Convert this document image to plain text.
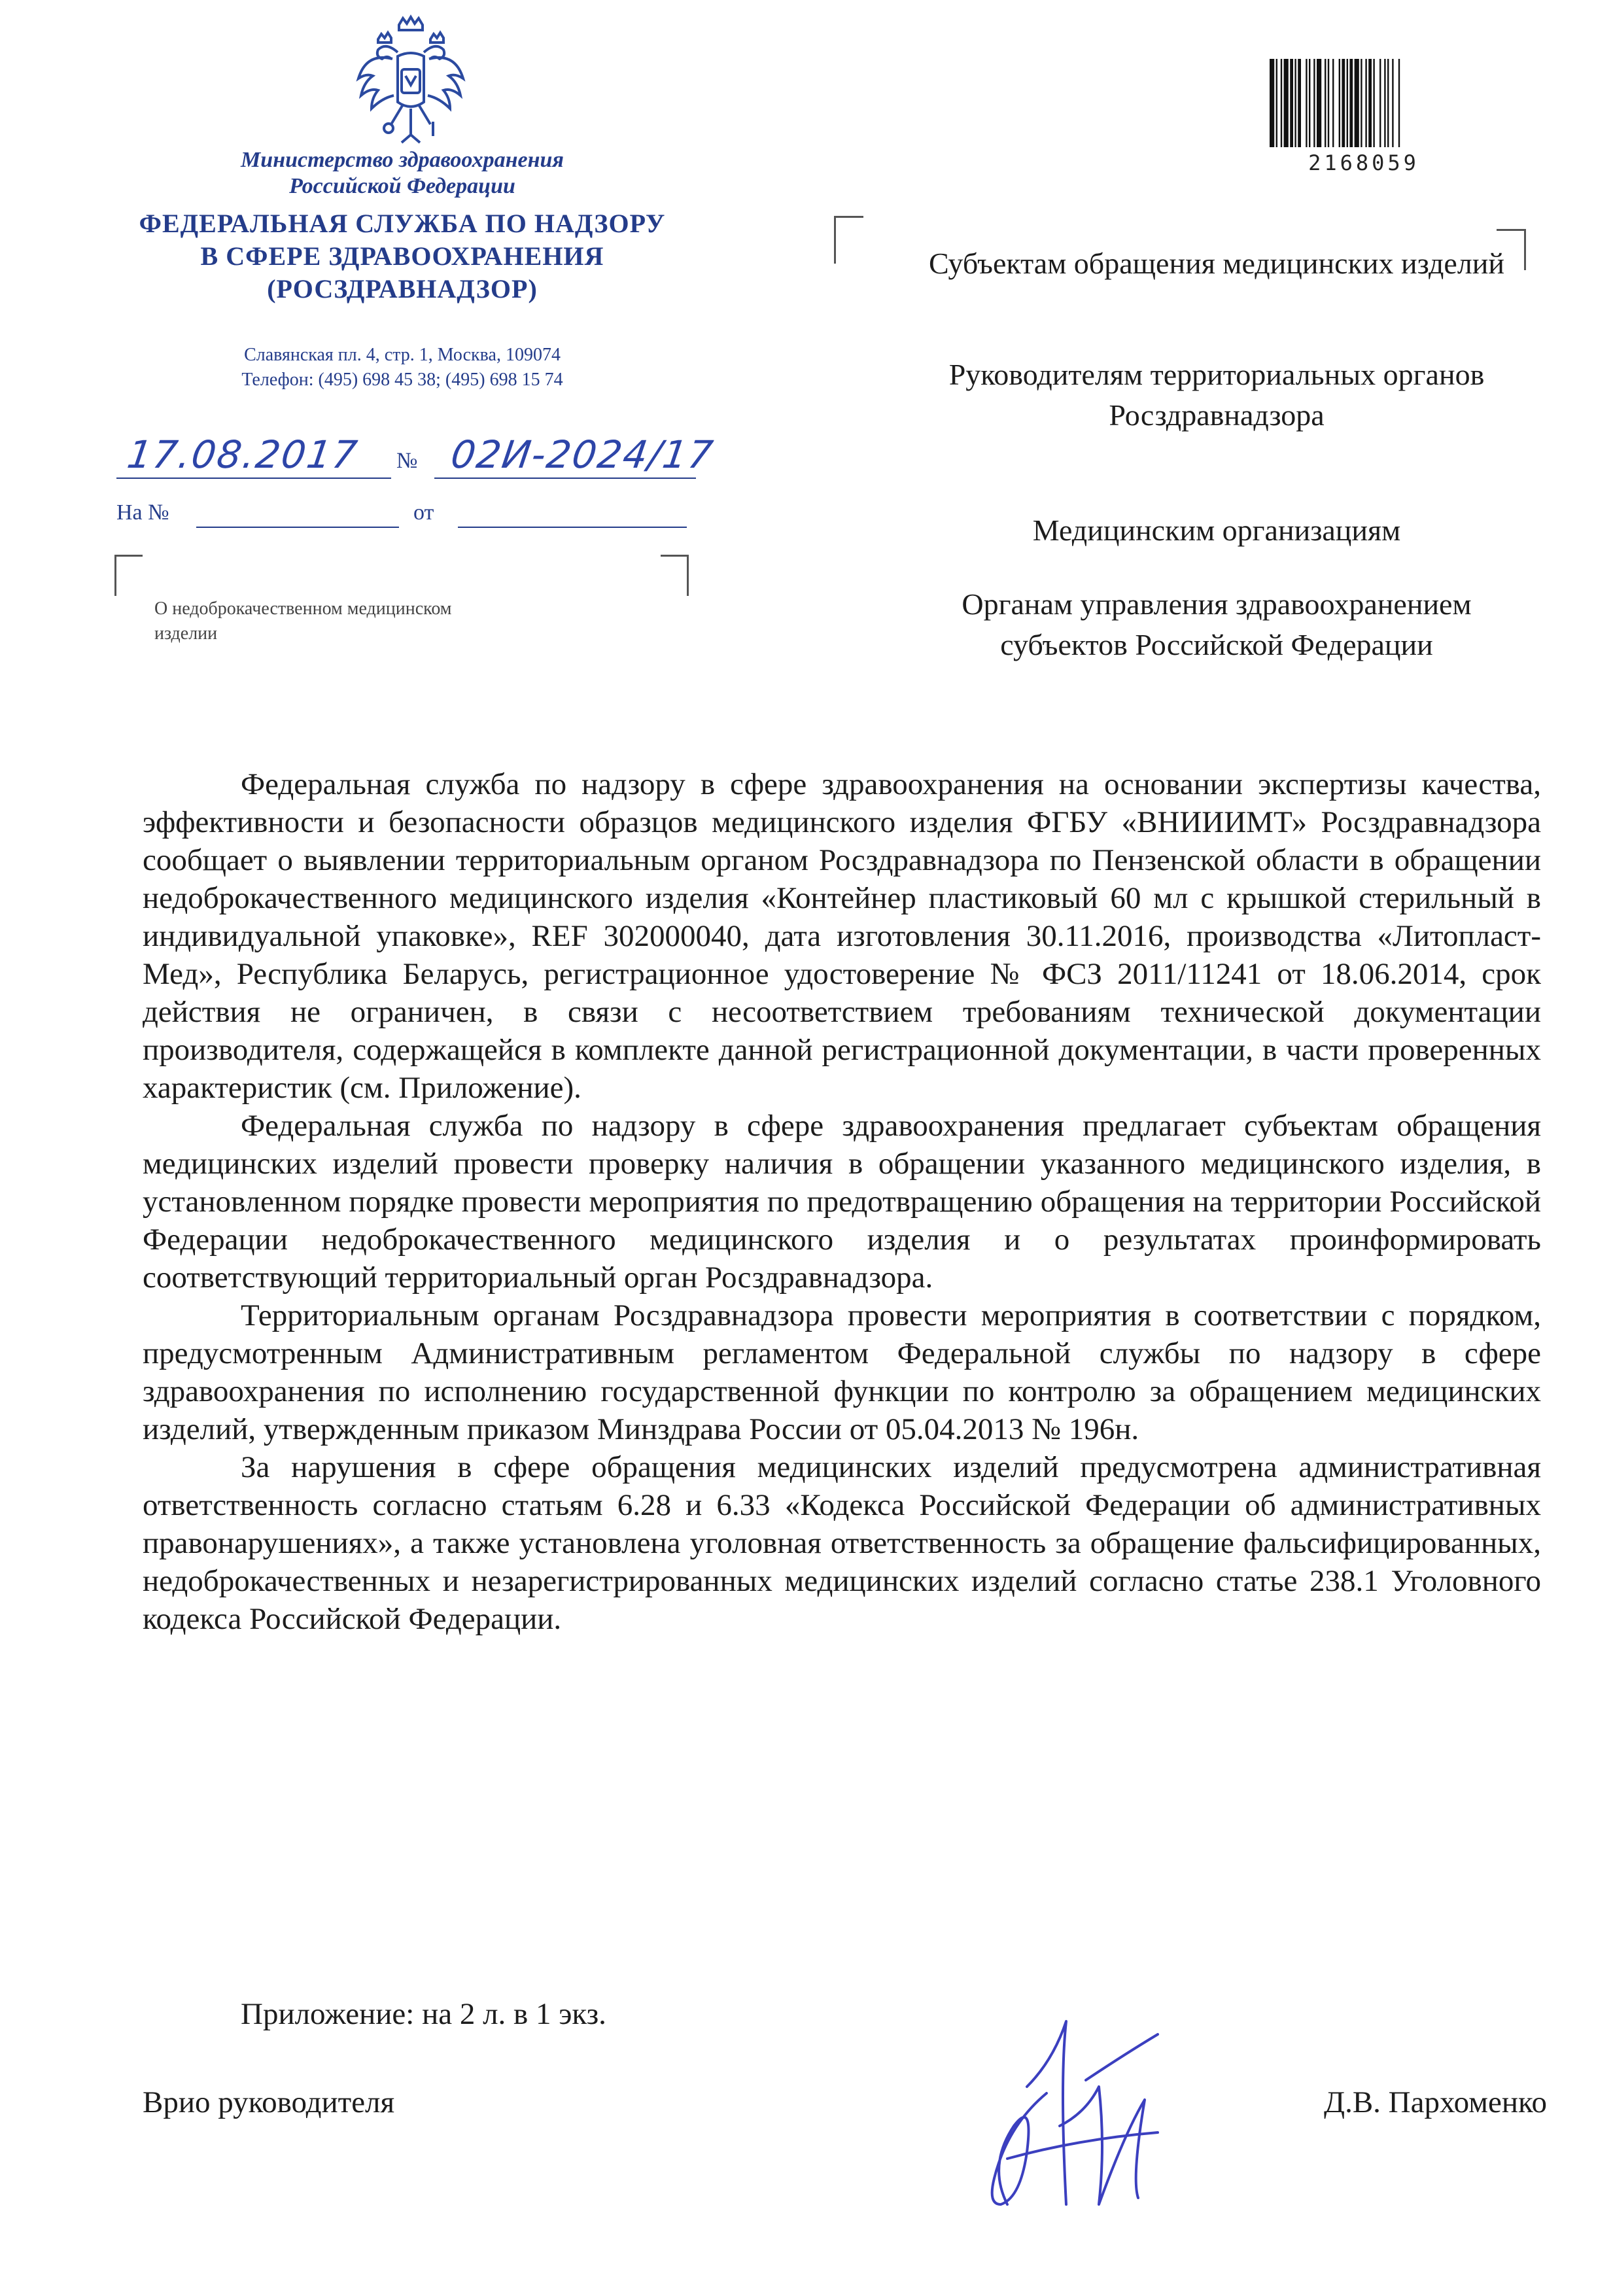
Министерство здравоохранения
Российской Федерации
ФЕДЕРАЛЬНАЯ СЛУЖБА ПО НАДЗОРУ
В СФЕРЕ ЗДРАВООХРАНЕНИЯ
(РОСЗДРАВНАДЗОР)
Славянская пл. 4, стр. 1, Москва, 109074
Телефон: (495) 698 45 38; (495) 698 15 74
17.08.2017 № 02И-2024/17
На №	от
О недоброкачественном медицинском изделии
2168059
Субъектам обращения медицинских изделий
Руководителям территориальных органов Росздравнадзора
Медицинским организациям
Органам управления здравоохранением субъектов Российской Федерации

Федеральная служба по надзору в сфере здравоохранения на основании экспертизы качества, эффективности и безопасности образцов медицинского изделия ФГБУ «ВНИИИМТ» Росздравнадзора сообщает о выявлении территориальным органом Росздравнадзора по Пензенской области в обращении недоброкачественного медицинского изделия «Контейнер пластиковый 60 мл с крышкой стерильный в индивидуальной упаковке», REF 302000040, дата изготовления 30.11.2016, производства «Литопласт-Мед», Республика Беларусь, регистрационное удостоверение № ФСЗ 2011/11241 от 18.06.2014, срок действия не ограничен, в связи с несоответствием требованиям технической документации производителя, содержащейся в комплекте данной регистрационной документации, в части проверенных характеристик (см. Приложение).

Федеральная служба по надзору в сфере здравоохранения предлагает субъектам обращения медицинских изделий провести проверку наличия в обращении указанного медицинского изделия, в установленном порядке провести мероприятия по предотвращению обращения на территории Российской Федерации недоброкачественного медицинского изделия и о результатах проинформировать соответствующий территориальный орган Росздравнадзора.

Территориальным органам Росздравнадзора провести мероприятия в соответствии с порядком, предусмотренным Административным регламентом Федеральной службы по надзору в сфере здравоохранения по исполнению государственной функции по контролю за обращением медицинских изделий, утвержденным приказом Минздрава России от 05.04.2013 № 196н.

За нарушения в сфере обращения медицинских изделий предусмотрена административная ответственность согласно статьям 6.28 и 6.33 «Кодекса Российской Федерации об административных правонарушениях», а также установлена уголовная ответственность за обращение фальсифицированных, недоброкачественных и незарегистрированных медицинских изделий согласно статье 238.1 Уголовного кодекса Российской Федерации.

Приложение: на 2 л. в 1 экз.
Врио руководителя	Д.В. Пархоменко
